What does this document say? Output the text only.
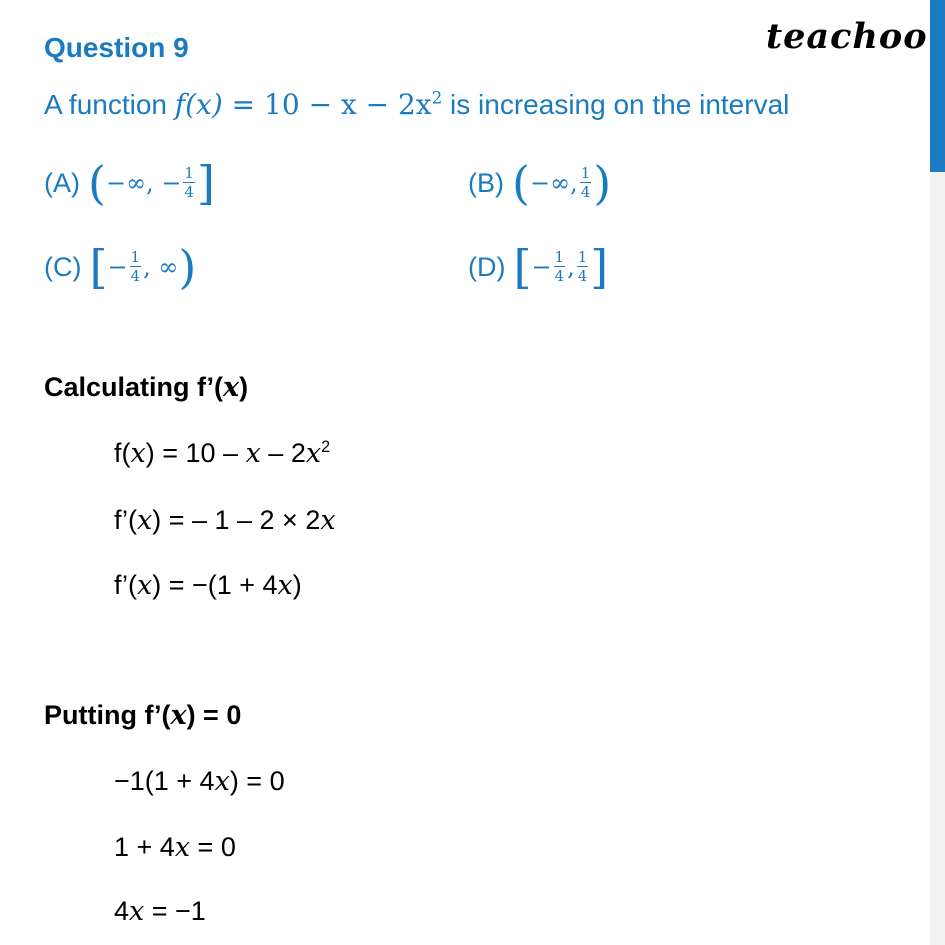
Question 9	teachoo
A function $f(x) = 10 - x - 2x^2$ is increasing on the interval
(A) ( −∞, − $\frac{1}{4}$ ]	(B) ( −∞, $\frac{1}{4}$ )
(C) [ − $\frac{1}{4}$ , ∞ )	(D) [ − $\frac{1}{4}$ , $\frac{1}{4}$ ]
Calculating f’(x)
$f(x) = 10 - x - 2x^2$
f’(x) = – 1 – 2 × 2x
f’(x) = −(1 + 4x)
Putting f’(x) = 0
−1(1 + 4x) = 0
1 + 4x = 0
4x = −1
